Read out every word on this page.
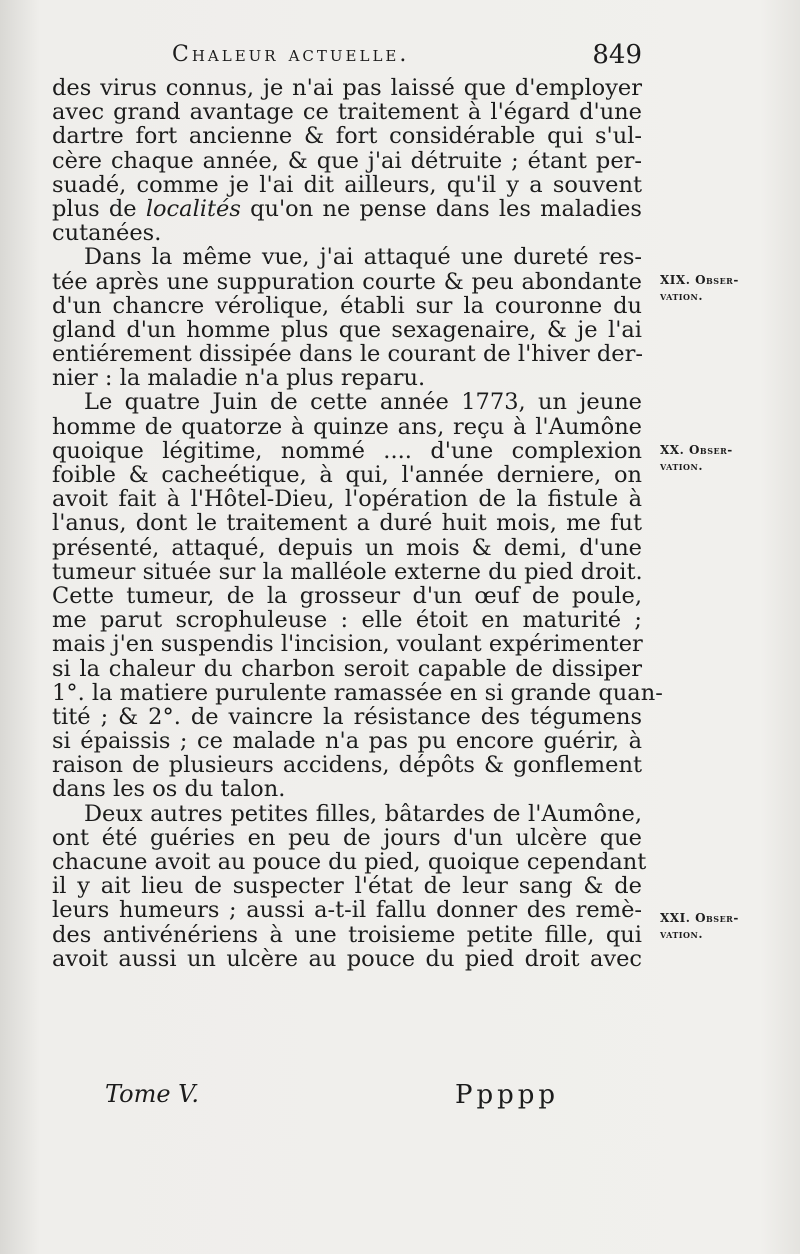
Chaleur actuelle.	849

des virus connus, je n'ai pas laissé que d'employer
avec grand avantage ce traitement à l'égard d'une
dartre fort ancienne & fort considérable qui s'ul-
cère chaque année, & que j'ai détruite ; étant per-
suadé, comme je l'ai dit ailleurs, qu'il y a souvent
plus de localités qu'on ne pense dans les maladies
cutanées.

Dans la même vue, j'ai attaqué une dureté res-
tée après une suppuration courte & peu abondante
d'un chancre vérolique, établi sur la couronne du
gland d'un homme plus que sexagenaire, & je l'ai
entiérement dissipée dans le courant de l'hiver der-
nier : la maladie n'a plus reparu.

Le quatre Juin de cette année 1773, un jeune
homme de quatorze à quinze ans, reçu à l'Aumône
quoique légitime, nommé .... d'une complexion
foible & cacheétique, à qui, l'année derniere, on
avoit fait à l'Hôtel-Dieu, l'opération de la fistule à
l'anus, dont le traitement a duré huit mois, me fut
présenté, attaqué, depuis un mois & demi, d'une
tumeur située sur la malléole externe du pied droit.
Cette tumeur, de la grosseur d'un œuf de poule,
me parut scrophuleuse : elle étoit en maturité ;
mais j'en suspendis l'incision, voulant expérimenter
si la chaleur du charbon seroit capable de dissiper
1°. la matiere purulente ramassée en si grande quan-
tité ; & 2°. de vaincre la résistance des tégumens
si épaissis ; ce malade n'a pas pu encore guérir, à
raison de plusieurs accidens, dépôts & gonflement
dans les os du talon.

Deux autres petites filles, bâtardes de l'Aumône,
ont été guéries en peu de jours d'un ulcère que
chacune avoit au pouce du pied, quoique cependant
il y ait lieu de suspecter l'état de leur sang & de
leurs humeurs ; aussi a-t-il fallu donner des remè-
des antivénériens à une troisieme petite fille, qui
avoit aussi un ulcère au pouce du pied droit avec

XIX. Obser-
vation.
XX. Obser-
vation.
XXI. Obser-
vation.
Tome V.	Ppppp
